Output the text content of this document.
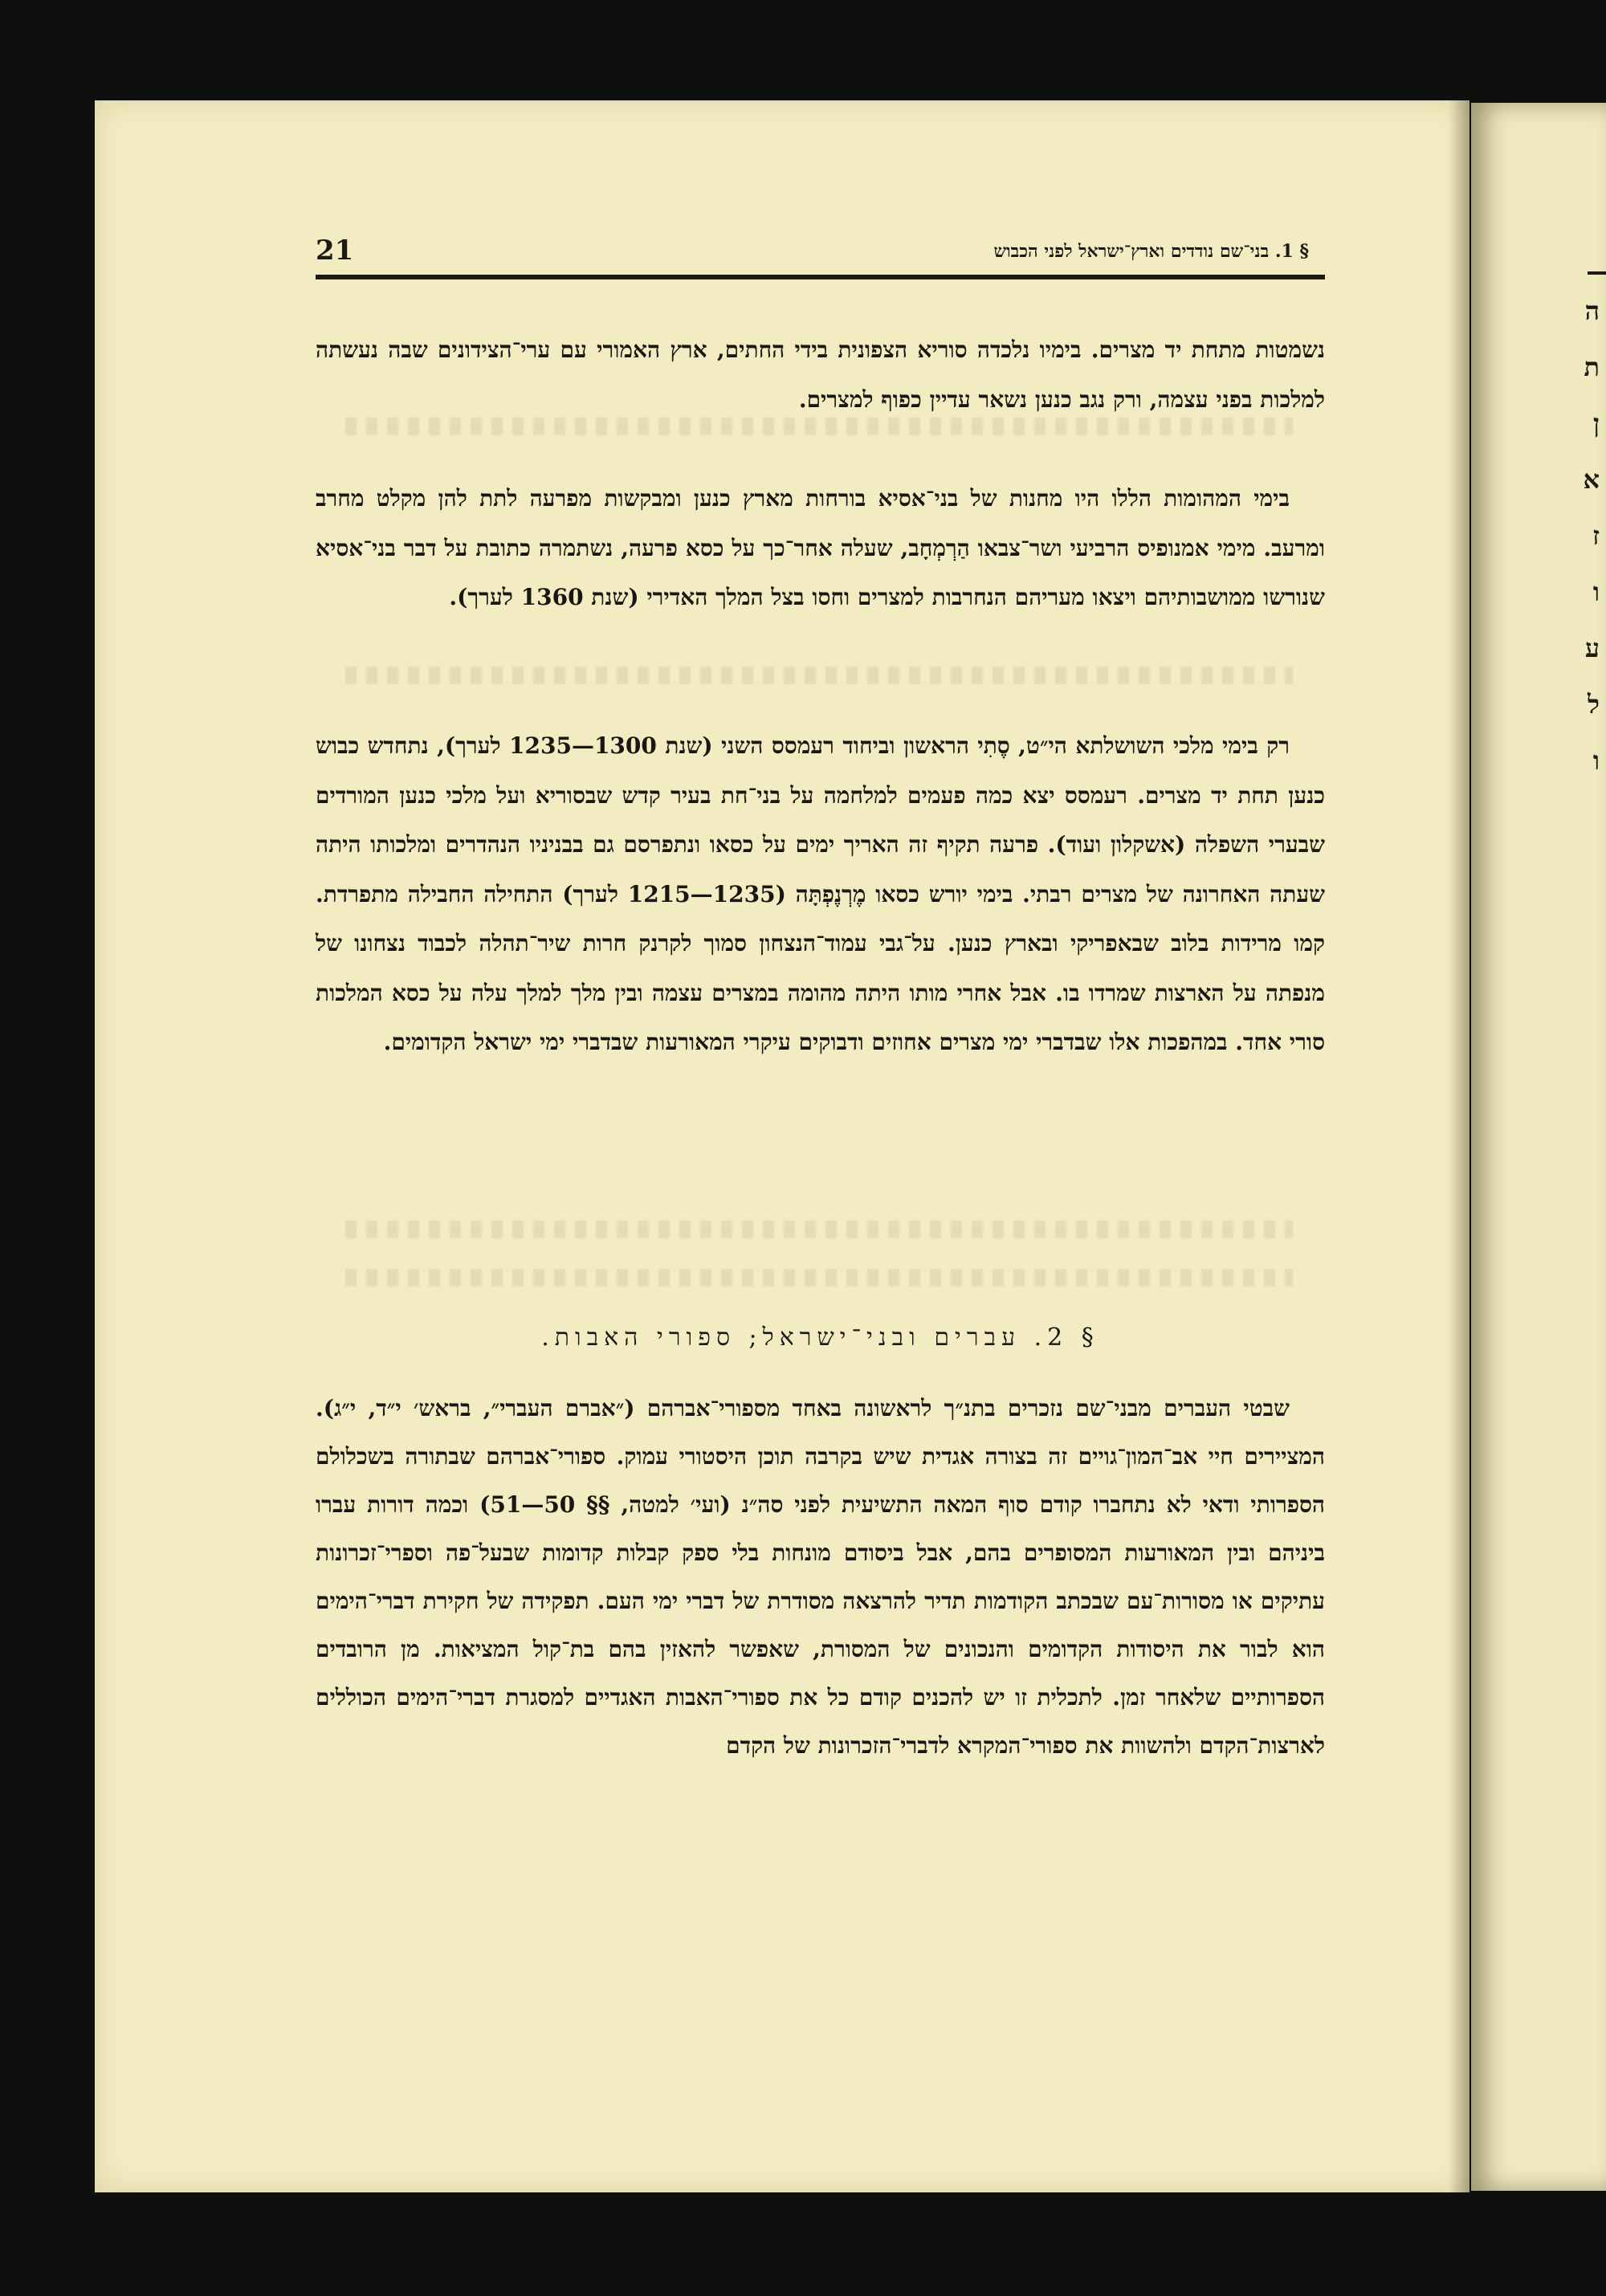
ה
ת
ן
א
ז
ו
ע
ל
ו
21	§ 1. בני־שם נודדים וארץ־ישראל לפני הכבוש

נשמטות מתחת יד מצרים. בימיו נלכדה סוריא הצפונית בידי החתים, ארץ האמורי עם ערי־הצידונים שבה נעשתה למלכות בפני עצמה, ורק נגב כנען נשאר עדיין כפוף למצרים.

בימי המהומות הללו היו מחנות של בני־אסיא בורחות מארץ כנען ומבקשות מפרעה לתת להן מקלט מחרב ומרעב. מימי אמנופיס הרביעי ושר־צבאו הַרְמְחָב, שעלה אחר־כך על כסא פרעה, נשתמרה כתובת על דבר בני־אסיא שנורשו ממושבותיהם ויצאו מעריהם הנחרבות למצרים וחסו בצל המלך האדירי (שנת 1360 לערך).

רק בימי מלכי השושלתא הי״ט, סֶתִי הראשון וביחוד רעמסס השני (שנת 1300—1235 לערך), נתחדש כבוש כנען תחת יד מצרים. רעמסס יצא כמה פעמים למלחמה על בני־חת בעיר קדש שבסוריא ועל מלכי כנען המורדים שבערי השפלה (אשקלון ועוד). פרעה תקיף זה האריך ימים על כסאו ונתפרסם גם בבניניו הנהדרים ומלכותו היתה שעתה האחרונה של מצרים רבתי. בימי יורש כסאו מֶרְנֶפְתָּה (1235—1215 לערך) התחילה החבילה מתפרדת. קמו מרידות בלוב שבאפריקי ובארץ כנען. על־גבי עמוד־הנצחון סמוך לקרנק חרות שיר־תהלה לכבוד נצחונו של מנפתה על הארצות שמרדו בו. אבל אחרי מותו היתה מהומה במצרים עצמה ובין מלך למלך עלה על כסא המלכות סורי אחד. במהפכות אלו שבדברי ימי מצרים אחוזים ודבוקים עיקרי המאורעות שבדברי ימי ישראל הקדומים.

§ 2. עברים ובני־ישראל; ספורי האבות.

שבטי העברים מבני־שם נזכרים בתנ״ך לראשונה באחד מספורי־אברהם (״אברם העברי״, בראש׳ י״ד, י״ג). המציירים חיי אב־המון־גויים זה בצורה אגדית שיש בקרבה תוכן היסטורי עמוק. ספורי־אברהם שבתורה בשכלולם הספרותי ודאי לא נתחברו קודם סוף המאה התשיעית לפני סה״נ (ועי׳ למטה, §§ 50—51) וכמה דורות עברו ביניהם ובין המאורעות המסופרים בהם, אבל ביסודם מונחות בלי ספק קבלות קדומות שבעל־פה וספרי־זכרונות עתיקים או מסורות־עם שבכתב הקודמות תדיר להרצאה מסודרת של דברי ימי העם. תפקידה של חקירת דברי־הימים הוא לבור את היסודות הקדומים והנכונים של המסורת, שאפשר להאזין בהם בת־קול המציאות. מן הרובדים הספרותיים שלאחר זמן. לתכלית זו יש להכנים קודם כל את ספורי־האבות האגדיים למסגרת דברי־הימים הכוללים לארצות־הקדם ולהשוות את ספורי־המקרא לדברי־הזכרונות של הקדם
